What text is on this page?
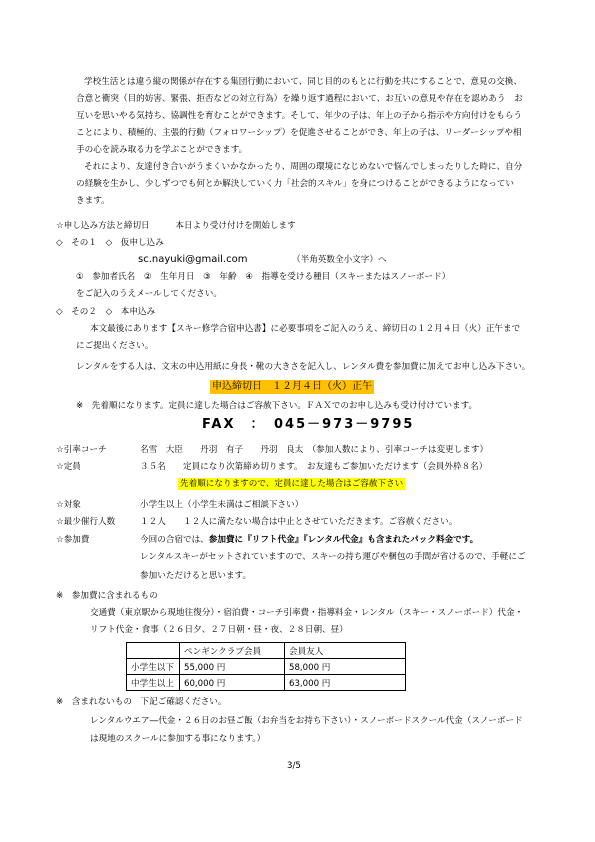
学校生活とは違う縦の関係が存在する集団行動において、同じ目的のもとに行動を共にすることで、意見の交換、
合意と衝突（目的妨害、緊張、拒否などの対立行為）を繰り返す過程において、お互いの意見や存在を認めあう　お
互いを思いやる気持ち、協調性を育むことができます。そして、年少の子は、年上の子から指示や方向付けをもらう
ことにより、積極的、主張的行動（フォロワーシップ）を促進させることができ、年上の子は、リーダーシップや相
手の心を読み取る力を学ぶことができます。
それにより、友達付き合いがうまくいかなかったり、周囲の環境になじめないで悩んでしまったりした時に、自分
の経験を生かし、少しずつでも何とか解決していく力「社会的スキル」を身につけることができるようになってい
きます。
☆申し込み方法と締切日　　　本日より受け付けを開始します
◇　その１　◇　仮申し込み
sc.nayuki@gmail.com	（半角英数全小文字）へ
①　参加者氏名　②　生年月日　③　年齢　④　指導を受ける種目（スキーまたはスノーボード）
をご記入のうえメールしてください。
◇　その２　◇　本申込み
本文最後にあります【スキー修学合宿申込書】に必要事項をご記入のうえ、締切日の１２月４日（火）正午まで
にご提出ください。
レンタルをする人は、文末の申込用紙に身長・靴の大きさを記入し、レンタル費を参加費に加えてお申し込み下さい。
申込締切日　１２月４日（火）正午
※　先着順になります。定員に達した場合はご容赦下さい。ＦＡＸでのお申し込みも受け付けています。
FAX　：　045－973－9795
☆引率コーチ	名雪　大臣　　丹羽　有子　　丹羽　良太　（参加人数により、引率コーチは変更します）
☆定員	３５名　　定員になり次第締め切ります。　お友達もご参加いただけます（会員外枠８名）
先着順になりますので、定員に達した場合はご容赦下さい
☆対象	小学生以上（小学生未満はご相談下さい）
☆最少催行人数	１２人　　１２人に満たない場合は中止とさせていただきます。ご容赦ください。
☆参加費	今回の合宿では、参加費に『リフト代金』『レンタル代金』も含まれたパック料金です。
レンタルスキーがセットされていますので、スキーの持ち運びや梱包の手間が省けるので、手軽にご
参加いただけると思います。
※　参加費に含まれるもの
交通費（東京駅から現地往復分）・宿泊費・コーチ引率費・指導料金・レンタル（スキー・スノーボード）代金・
リフト代金・食事（２６日夕、２７日朝・昼・夜、２８日朝、昼）
	ペンギンクラブ会員	会員友人
小学生以下	55,000 円	58,000 円
中学生以上	60,000 円	63,000 円
※　含まれないもの　下記ご確認ください。
レンタルウエア―代金・２６日のお昼ご飯（お弁当をお持ち下さい）・スノーボードスクール代金（スノーボード
は現地のスクールに参加する事になります。）
3/5
